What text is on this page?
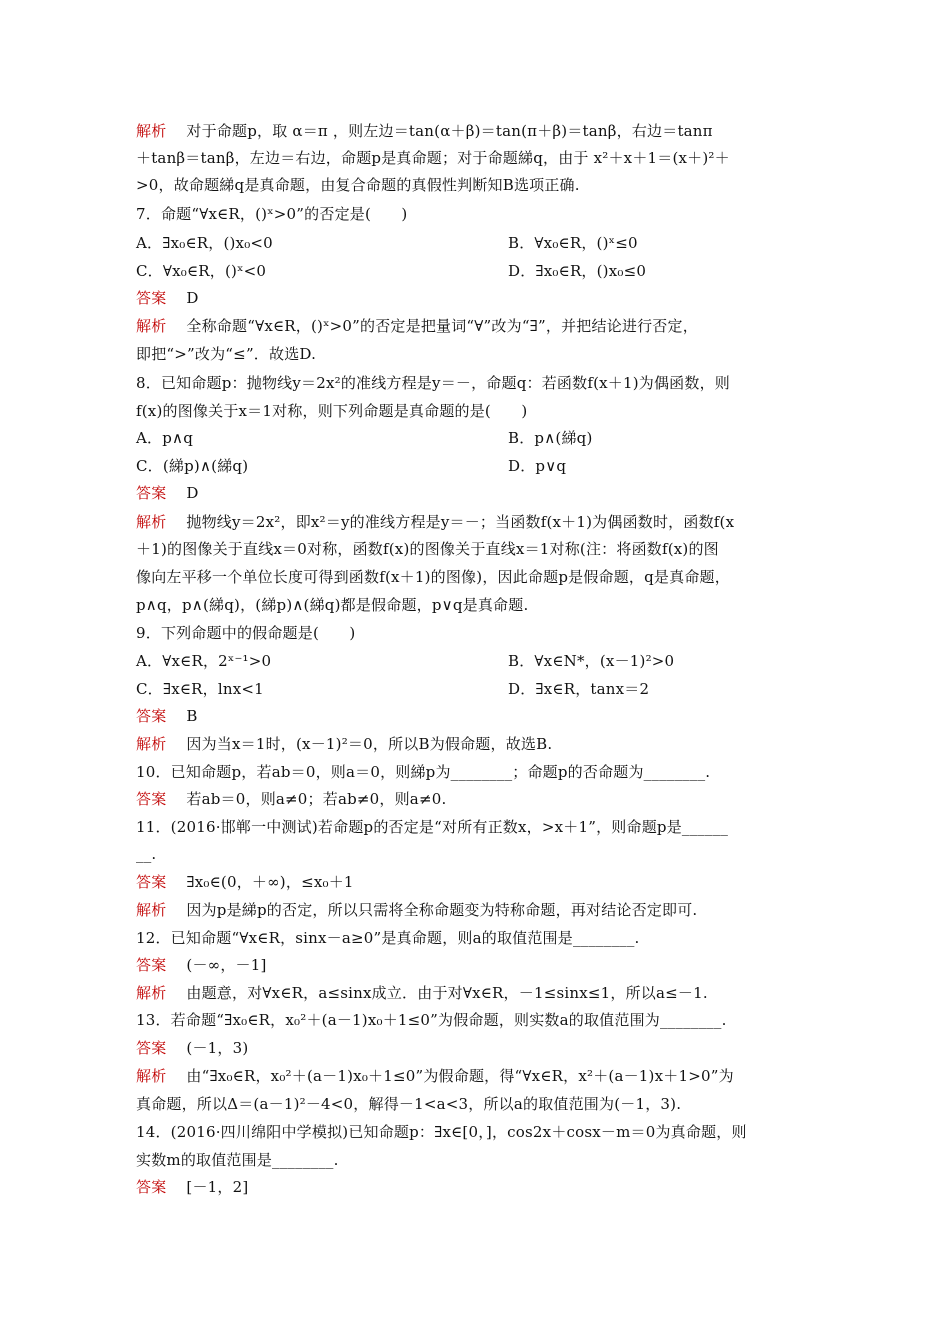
解析 对于命题p，取 α＝π ，则左边＝tan(α＋β)＝tan(π＋β)＝tanβ，右边＝tanπ
＋tanβ＝tanβ，左边＝右边，命题p是真命题；对于命题綈q，由于 x²＋x＋1＝(x＋)²＋
>0，故命题綈q是真命题，由复合命题的真假性判断知B选项正确.
7．命题“∀x∈R，()ˣ>0”的否定是(　　)
A．∃x₀∈R，()x₀<0	B．∀x₀∈R，()ˣ≤0
C．∀x₀∈R，()ˣ<0	D．∃x₀∈R，()x₀≤0
答案 D
解析 全称命题“∀x∈R，()ˣ>0”的否定是把量词“∀”改为“∃”，并把结论进行否定，
即把“>”改为“≤”．故选D.
8．已知命题p：抛物线y＝2x²的准线方程是y＝－，命题q：若函数f(x＋1)为偶函数，则
f(x)的图像关于x＝1对称，则下列命题是真命题的是(　　)
A．p∧q	B．p∧(綈q)
C．(綈p)∧(綈q)	D．p∨q
答案 D
解析 抛物线y＝2x²，即x²＝y的准线方程是y＝－；当函数f(x＋1)为偶函数时，函数f(x
＋1)的图像关于直线x＝0对称，函数f(x)的图像关于直线x＝1对称(注：将函数f(x)的图
像向左平移一个单位长度可得到函数f(x＋1)的图像)，因此命题p是假命题，q是真命题，
p∧q，p∧(綈q)，(綈p)∧(綈q)都是假命题，p∨q是真命题.
9．下列命题中的假命题是(　　)
A．∀x∈R，2ˣ⁻¹>0	B．∀x∈N*，(x－1)²>0
C．∃x∈R，lnx<1	D．∃x∈R，tanx＝2
答案 B
解析 因为当x＝1时，(x－1)²＝0，所以B为假命题，故选B.
10．已知命题p，若ab＝0，则a＝0，则綈p为________；命题p的否命题为________.
答案 若ab＝0，则a≠0；若ab≠0，则a≠0.
11．(2016·邯郸一中测试)若命题p的否定是“对所有正数x，>x＋1”，则命题p是______
__.
答案 ∃x₀∈(0，＋∞)，≤x₀＋1
解析 因为p是綈p的否定，所以只需将全称命题变为特称命题，再对结论否定即可.
12．已知命题“∀x∈R，sinx－a≥0”是真命题，则a的取值范围是________.
答案 (－∞，－1]
解析 由题意，对∀x∈R，a≤sinx成立．由于对∀x∈R，－1≤sinx≤1，所以a≤－1.
13．若命题“∃x₀∈R，x₀²＋(a－1)x₀＋1≤0”为假命题，则实数a的取值范围为________.
答案 (－1，3)
解析 由“∃x₀∈R，x₀²＋(a－1)x₀＋1≤0”为假命题，得“∀x∈R，x²＋(a－1)x＋1>0”为
真命题，所以Δ＝(a－1)²－4<0，解得－1<a<3，所以a的取值范围为(－1，3).
14．(2016·四川绵阳中学模拟)已知命题p：∃x∈[0，]，cos2x＋cosx－m＝0为真命题，则
实数m的取值范围是________.
答案 [－1，2]
